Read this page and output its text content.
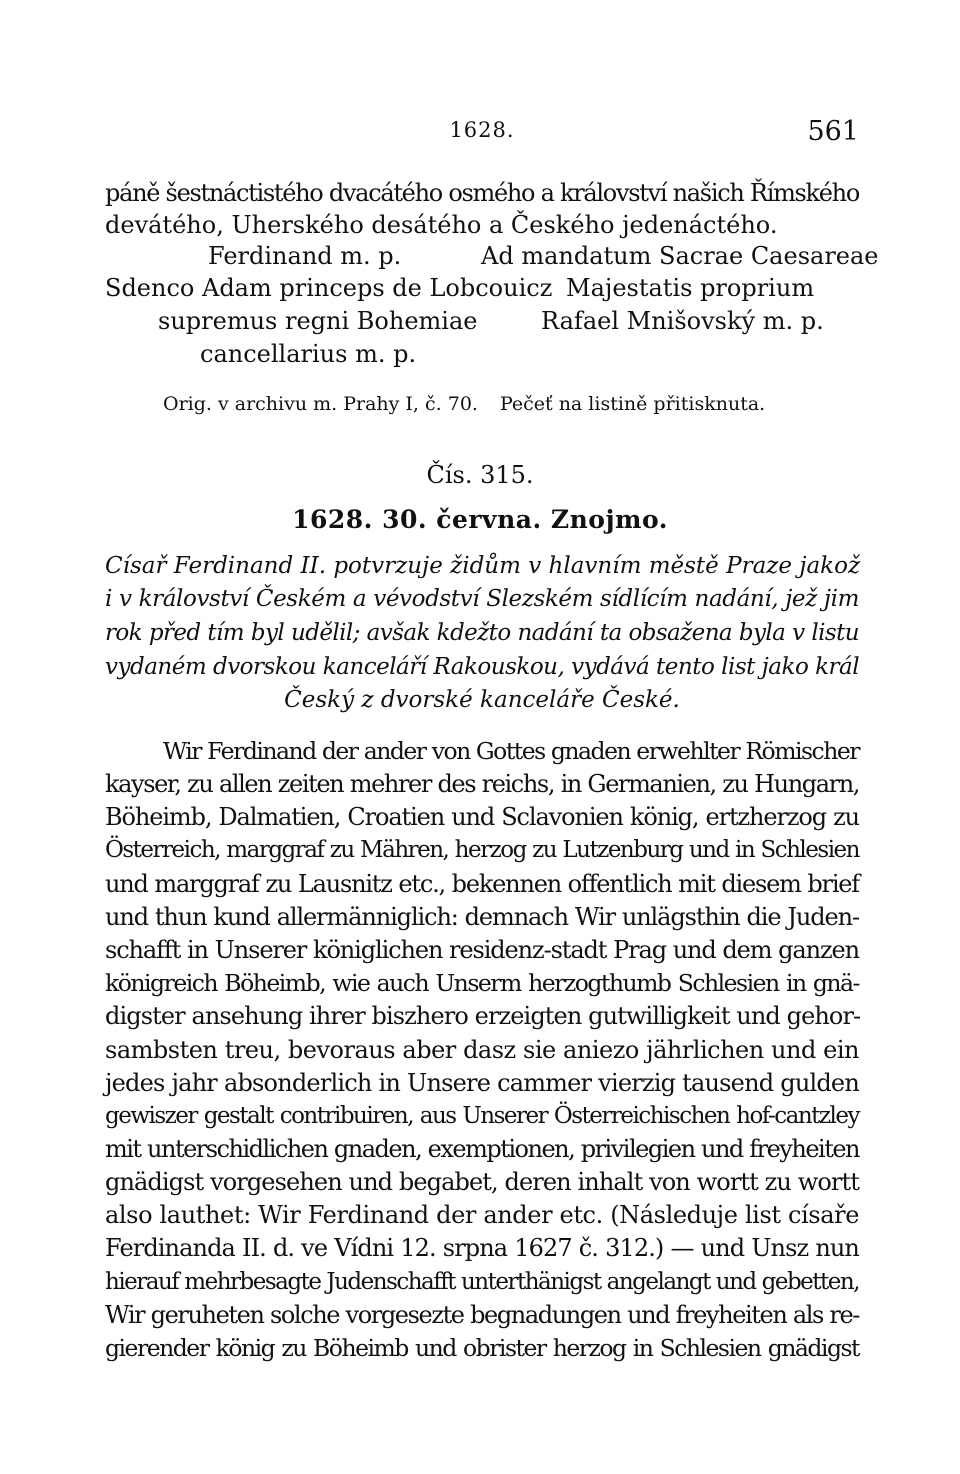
1628.	561
páně šestnáctistého dvacátého osmého a království našich Římského
devátého, Uherského desátého a Českého jedenáctého.
Ferdinand m. p.
Sdenco Adam princeps de Lobcouicz
supremus regni Bohemiae
cancellarius m. p.
Ad mandatum Sacrae Caesareae
Majestatis proprium
Rafael Mnišovský m. p.
Orig. v archivu m. Prahy I, č. 70. Pečeť na listině přitisknuta.
Čís. 315.
1628. 30. června. Znojmo.
Císař Ferdinand II. potvrzuje židům v hlavním městě Praze jakož
i v království Českém a vévodství Slezském sídlícím nadání, jež jim
rok před tím byl udělil; avšak kdežto nadání ta obsažena byla v listu
vydaném dvorskou kanceláří Rakouskou, vydává tento list jako král
Český z dvorské kanceláře České.
Wir Ferdinand der ander von Gottes gnaden erwehlter Römischer
kayser, zu allen zeiten mehrer des reichs, in Germanien, zu Hungarn,
Böheimb, Dalmatien, Croatien und Sclavonien könig, ertzherzog zu
Österreich, marggraf zu Mähren, herzog zu Lutzenburg und in Schlesien
und marggraf zu Lausnitz etc., bekennen offentlich mit diesem brief
und thun kund allermänniglich: demnach Wir unlägsthin die Juden-
schafft in Unserer königlichen residenz-stadt Prag und dem ganzen
königreich Böheimb, wie auch Unserm herzogthumb Schlesien in gnä-
digster ansehung ihrer biszhero erzeigten gutwilligkeit und gehor-
sambsten treu, bevoraus aber dasz sie aniezo jährlichen und ein
jedes jahr absonderlich in Unsere cammer vierzig tausend gulden
gewiszer gestalt contribuiren, aus Unserer Österreichischen hof-cantzley
mit unterschidlichen gnaden, exemptionen, privilegien und freyheiten
gnädigst vorgesehen und begabet, deren inhalt von wortt zu wortt
also lauthet: Wir Ferdinand der ander etc. (Následuje list císaře
Ferdinanda II. d. ve Vídni 12. srpna 1627 č. 312.) — und Unsz nun
hierauf mehrbesagte Judenschafft unterthänigst angelangt und gebetten,
Wir geruheten solche vorgesezte begnadungen und freyheiten als re-
gierender könig zu Böheimb und obrister herzog in Schlesien gnädigst
